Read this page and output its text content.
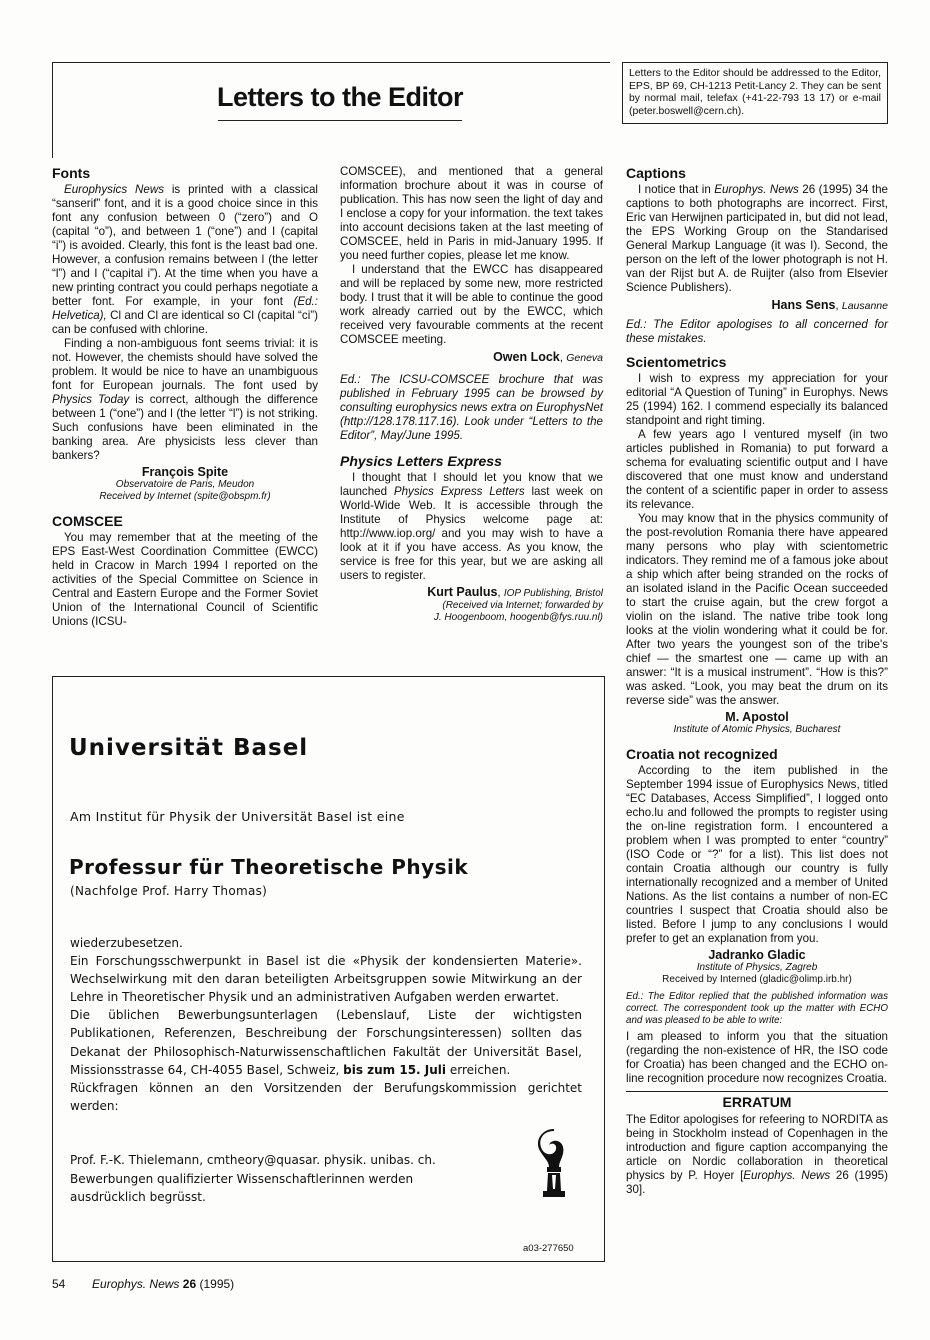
Letters to the Editor

Letters to the Editor should be addressed to the Editor, EPS, BP 69, CH-1213 Petit-Lancy 2. They can be sent by normal mail, telefax (+41-22-793 13 17) or e-mail (peter.boswell@cern.ch).

Fonts

Europhysics News is printed with a classical “sanserif” font, and it is a good choice since in this font any confusion between 0 (“zero”) and O (capital “o”), and between 1 (“one”) and I (capital “i”) is avoided. Clearly, this font is the least bad one. However, a confusion remains between l (the letter “l”) and I (“capital i”). At the time when you have a new printing contract you could perhaps negotiate a better font. For example, in your font (Ed.: Helvetica), Cl and Cl are identical so Cl (capital “ci”) can be confused with chlorine.

Finding a non-ambiguous font seems trivial: it is not. However, the chemists should have solved the problem. It would be nice to have an unambiguous font for European journals. The font used by Physics Today is correct, although the difference between 1 (“one”) and l (the letter “l”) is not striking. Such confusions have been eliminated in the banking area. Are physicists less clever than bankers?

François Spite
Observatoire de Paris, Meudon
Received by Internet (spite@obspm.fr)

COMSCEE

You may remember that at the meeting of the EPS East-West Coordination Committee (EWCC) held in Cracow in March 1994 I reported on the activities of the Special Committee on Science in Central and Eastern Europe and the Former Soviet Union of the International Council of Scientific Unions (ICSU-

COMSCEE), and mentioned that a general information brochure about it was in course of publication. This has now seen the light of day and I enclose a copy for your information. the text takes into account decisions taken at the last meeting of COMSCEE, held in Paris in mid-January 1995. If you need further copies, please let me know.

I understand that the EWCC has disappeared and will be replaced by some new, more restricted body. I trust that it will be able to continue the good work already carried out by the EWCC, which received very favourable comments at the recent COMSCEE meeting.

Owen Lock, Geneva

Ed.: The ICSU-COMSCEE brochure that was published in February 1995 can be browsed by consulting europhysics news extra on EurophysNet (http://128.178.117.16). Look under “Letters to the Editor”, May/June 1995.

Physics Letters Express

I thought that I should let you know that we launched Physics Express Letters last week on World-Wide Web. It is accessible through the Institute of Physics welcome page at: http://www.iop.org/ and you may wish to have a look at it if you have access. As you know, the service is free for this year, but we are asking all users to register.

Kurt Paulus, IOP Publishing, Bristol
(Received via Internet; forwarded by
J. Hoogenboom, hoogenb@fys.ruu.nl)

Captions

I notice that in Europhys. News 26 (1995) 34 the captions to both photographs are incorrect. First, Eric van Herwijnen participated in, but did not lead, the EPS Working Group on the Standarised General Markup Language (it was I). Second, the person on the left of the lower photograph is not H. van der Rijst but A. de Ruijter (also from Elsevier Science Publishers).

Hans Sens, Lausanne

Ed.: The Editor apologises to all concerned for these mistakes.

Scientometrics

I wish to express my appreciation for your editorial “A Question of Tuning” in Europhys. News 25 (1994) 162. I commend especially its balanced standpoint and right timing.

A few years ago I ventured myself (in two articles published in Romania) to put forward a schema for evaluating scientific output and I have discovered that one must know and understand the content of a scientific paper in order to assess its relevance.

You may know that in the physics community of the post-revolution Romania there have appeared many persons who play with scientometric indicators. They remind me of a famous joke about a ship which after being stranded on the rocks of an isolated island in the Pacific Ocean succeeded to start the cruise again, but the crew forgot a violin on the island. The native tribe took long looks at the violin wondering what it could be for. After two years the youngest son of the tribe's chief — the smartest one — came up with an answer: “It is a musical instrument”. “How is this?” was asked. “Look, you may beat the drum on its reverse side” was the answer.

M. Apostol
Institute of Atomic Physics, Bucharest

Croatia not recognized

According to the item published in the September 1994 issue of Europhysics News, titled “EC Databases, Access Simplified”, I logged onto echo.lu and followed the prompts to register using the on-line registration form. I encountered a problem when I was prompted to enter “country” (ISO Code or “?” for a list). This list does not contain Croatia although our country is fully internationally recognized and a member of United Nations. As the list contains a number of non-EC countries I suspect that Croatia should also be listed. Before I jump to any conclusions I would prefer to get an explanation from you.

Jadranko Gladic
Institute of Physics, Zagreb
Received by Interned (gladic@olimp.irb.hr)

Ed.: The Editor replied that the published information was correct. The correspondent took up the matter with ECHO and was pleased to be able to write:

I am pleased to inform you that the situation (regarding the non-existence of HR, the ISO code for Croatia) has been changed and the ECHO on-line recognition procedure now recognizes Croatia.

ERRATUM

The Editor apologises for refeering to NORDITA as being in Stockholm instead of Copenhagen in the introduction and figure caption accompanying the article on Nordic collaboration in theoretical physics by P. Hoyer [Europhys. News 26 (1995) 30].

Universität Basel
Am Institut für Physik der Universität Basel ist eine
Professur für Theoretische Physik
(Nachfolge Prof. Harry Thomas)

wiederzubesetzen.

Ein Forschungsschwerpunkt in Basel ist die «Physik der kondensierten Materie». Wechselwirkung mit den daran beteiligten Arbeitsgruppen sowie Mitwirkung an der Lehre in Theoretischer Physik und an administrativen Aufgaben werden erwartet.

Die üblichen Bewerbungsunterlagen (Lebenslauf, Liste der wichtigsten Publikationen, Referenzen, Beschreibung der Forschungsinteressen) sollten das Dekanat der Philosophisch-Naturwissenschaftlichen Fakultät der Universität Basel, Missionsstrasse 64, CH-4055 Basel, Schweiz, bis zum 15. Juli erreichen.

Rückfragen können an den Vorsitzenden der Berufungskommission gerichtet werden:

Prof. F.-K. Thielemann, cmtheory@quasar. physik. unibas. ch.

Bewerbungen qualifizierter Wissenschaftlerinnen werden ausdrücklich begrüsst.

a03-277650
54 Europhys. News 26 (1995)
